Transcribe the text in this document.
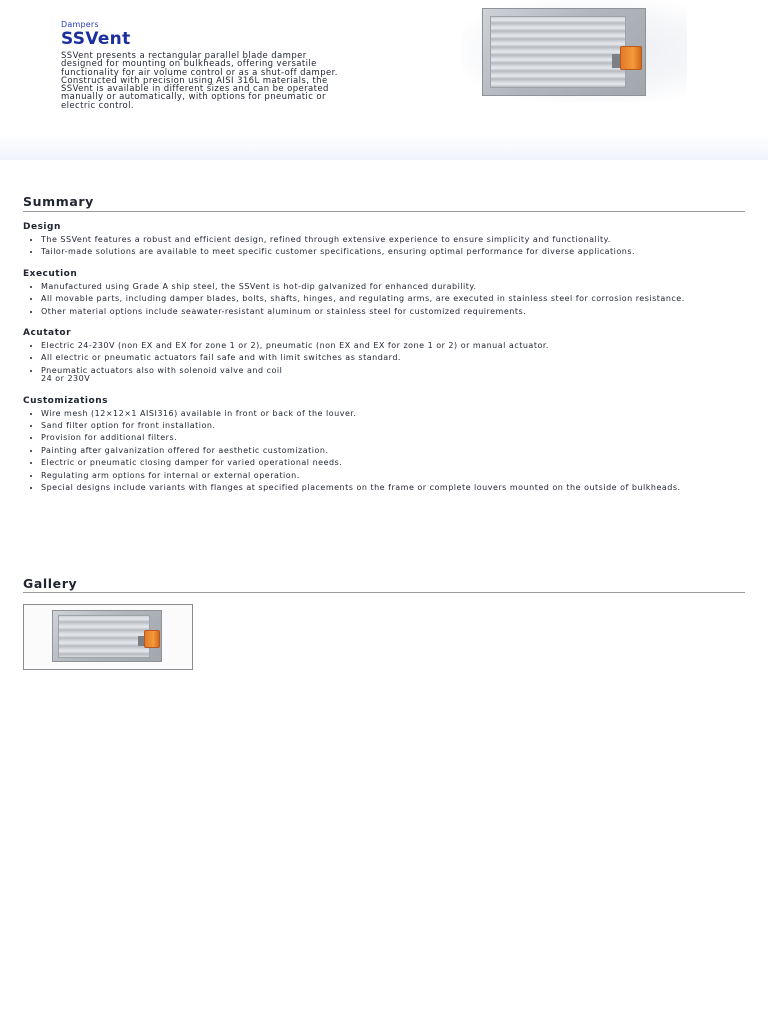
Dampers
SSVent

SSVent presents a rectangular parallel blade damper designed for mounting on bulkheads, offering versatile functionality for air volume control or as a shut-off damper. Constructed with precision using AISI 316L materials, the SSVent is available in different sizes and can be operated manually or automatically, with options for pneumatic or electric control.

Summary
Design
• The SSVent features a robust and efficient design, refined through extensive experience to ensure simplicity and functionality.
• Tailor-made solutions are available to meet specific customer specifications, ensuring optimal performance for diverse applications.
Execution
• Manufactured using Grade A ship steel, the SSVent is hot-dip galvanized for enhanced durability.
• All movable parts, including damper blades, bolts, shafts, hinges, and regulating arms, are executed in stainless steel for corrosion resistance.
• Other material options include seawater-resistant aluminum or stainless steel for customized requirements.
Acutator
• Electric 24-230V (non EX and EX for zone 1 or 2), pneumatic (non EX and EX for zone 1 or 2) or manual actuator.
• All electric or pneumatic actuators fail safe and with limit switches as standard.
• Pneumatic actuators also with solenoid valve and coil
24 or 230V
Customizations
• Wire mesh (12×12×1 AISI316) available in front or back of the louver.
• Sand filter option for front installation.
• Provision for additional filters.
• Painting after galvanization offered for aesthetic customization.
• Electric or pneumatic closing damper for varied operational needs.
• Regulating arm options for internal or external operation.
• Special designs include variants with flanges at specified placements on the frame or complete louvers mounted on the outside of bulkheads.
Gallery
